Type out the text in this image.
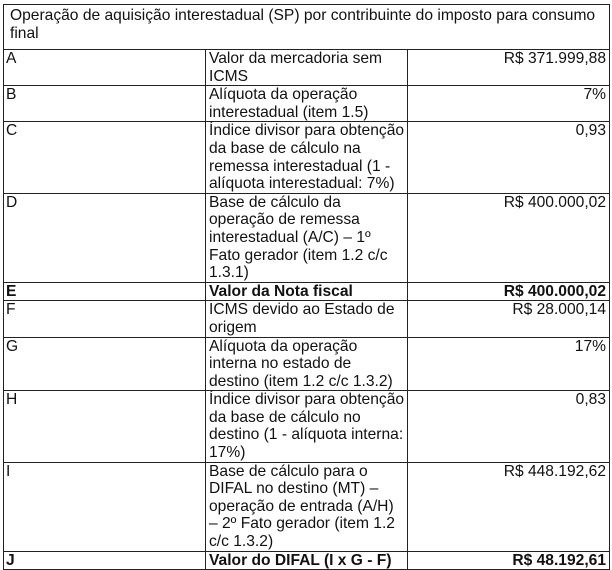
Operação de aquisição interestadual (SP) por contribuinte do imposto para consumo final		
A	Valor da mercadoria sem ICMS	R$ 371.999,88
B	Alíquota da operação interestadual (item 1.5)	7%
C	Índice divisor para obtenção da base de cálculo na remessa interestadual (1 - alíquota interestadual: 7%)	0,93
D	Base de cálculo da operação de remessa interestadual (A/C) – 1º Fato gerador (item 1.2 c/c 1.3.1)	R$ 400.000,02
E	Valor da Nota fiscal	R$ 400.000,02
F	ICMS devido ao Estado de origem	R$ 28.000,14
G	Alíquota da operação interna no estado de destino (item 1.2 c/c 1.3.2)	17%
H	Índice divisor para obtenção da base de cálculo no destino (1 - alíquota interna: 17%)	0,83
I	Base de cálculo para o DIFAL no destino (MT) – operação de entrada (A/H) – 2º Fato gerador (item 1.2 c/c 1.3.2)	R$ 448.192,62
J	Valor do DIFAL (I x G - F)	R$ 48.192,61
